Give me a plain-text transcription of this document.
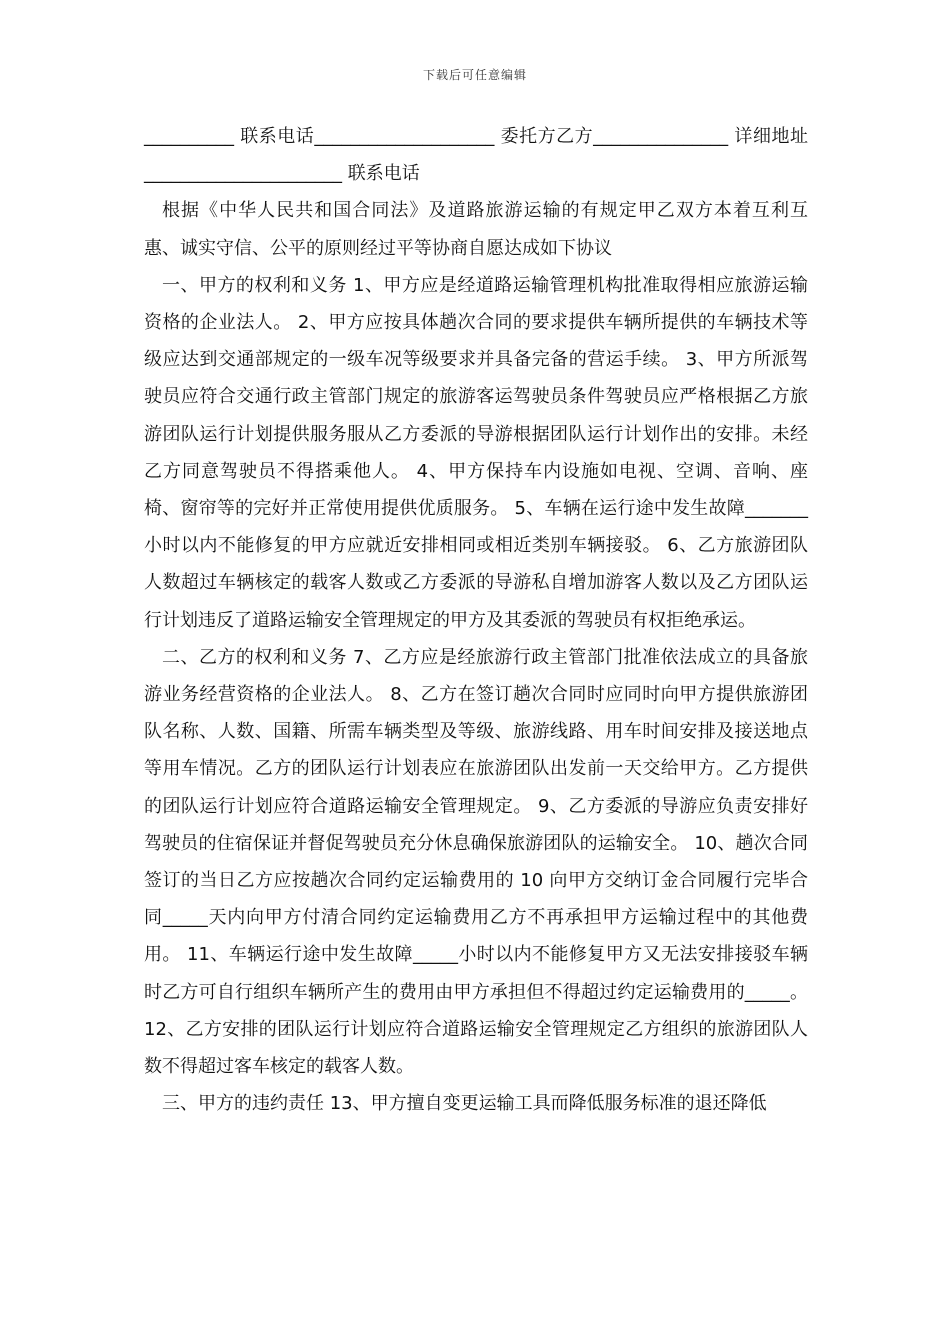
下载后可任意编辑

__________ 联系电话____________________ 委托方乙方_______________ 详细地址______________________ 联系电话

根据《中华人民共和国合同法》及道路旅游运输的有规定甲乙双方本着互利互惠、诚实守信、公平的原则经过平等协商自愿达成如下协议

一、甲方的权利和义务 1、甲方应是经道路运输管理机构批准取得相应旅游运输资格的企业法人。 2、甲方应按具体趟次合同的要求提供车辆所提供的车辆技术等级应达到交通部规定的一级车况等级要求并具备完备的营运手续。 3、甲方所派驾驶员应符合交通行政主管部门规定的旅游客运驾驶员条件驾驶员应严格根据乙方旅游团队运行计划提供服务服从乙方委派的导游根据团队运行计划作出的安排。未经乙方同意驾驶员不得搭乘他人。 4、甲方保持车内设施如电视、空调、音响、座椅、窗帘等的完好并正常使用提供优质服务。 5、车辆在运行途中发生故障_______小时以内不能修复的甲方应就近安排相同或相近类别车辆接驳。 6、乙方旅游团队人数超过车辆核定的载客人数或乙方委派的导游私自增加游客人数以及乙方团队运行计划违反了道路运输安全管理规定的甲方及其委派的驾驶员有权拒绝承运。

二、乙方的权利和义务 7、乙方应是经旅游行政主管部门批准依法成立的具备旅游业务经营资格的企业法人。 8、乙方在签订趟次合同时应同时向甲方提供旅游团队名称、人数、国籍、所需车辆类型及等级、旅游线路、用车时间安排及接送地点等用车情况。乙方的团队运行计划表应在旅游团队出发前一天交给甲方。乙方提供的团队运行计划应符合道路运输安全管理规定。 9、乙方委派的导游应负责安排好驾驶员的住宿保证并督促驾驶员充分休息确保旅游团队的运输安全。 10、趟次合同签订的当日乙方应按趟次合同约定运输费用的 10 向甲方交纳订金合同履行完毕合同_____天内向甲方付清合同约定运输费用乙方不再承担甲方运输过程中的其他费用。 11、车辆运行途中发生故障_____小时以内不能修复甲方又无法安排接驳车辆时乙方可自行组织车辆所产生的费用由甲方承担但不得超过约定运输费用的_____。 12、乙方安排的团队运行计划应符合道路运输安全管理规定乙方组织的旅游团队人数不得超过客车核定的载客人数。

三、甲方的违约责任 13、甲方擅自变更运输工具而降低服务标准的退还降低
